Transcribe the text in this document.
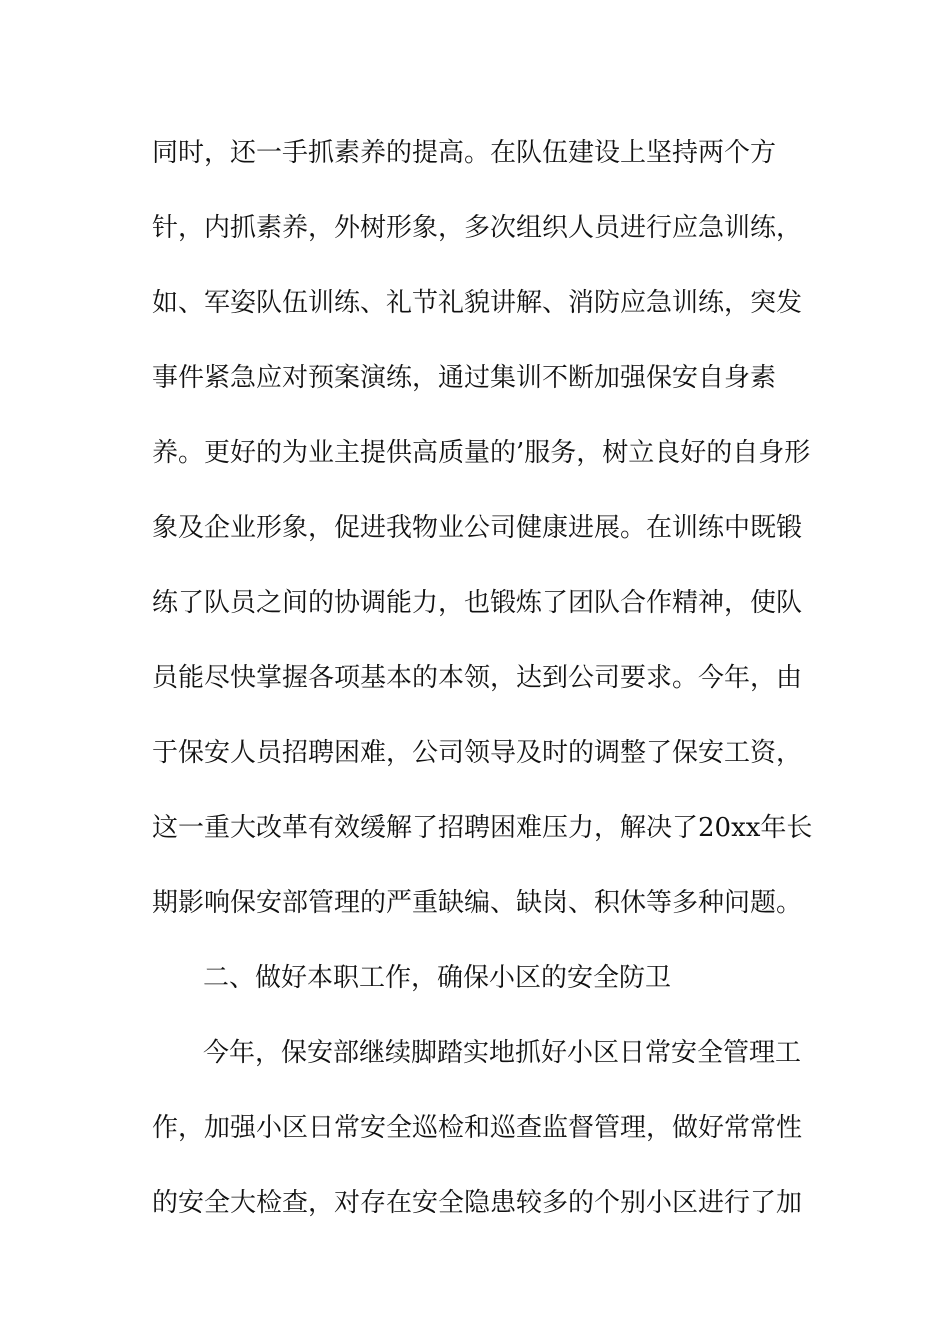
同时，还一手抓素养的提高。在队伍建设上坚持两个方
针，内抓素养，外树形象，多次组织人员进行应急训练，
如、军姿队伍训练、礼节礼貌讲解、消防应急训练，突发
事件紧急应对预案演练，通过集训不断加强保安自身素
养。更好的为业主提供高质量的’服务，树立良好的自身形
象及企业形象，促进我物业公司健康进展。在训练中既锻
练了队员之间的协调能力，也锻炼了团队合作精神，使队
员能尽快掌握各项基本的本领，达到公司要求。今年，由
于保安人员招聘困难，公司领导及时的调整了保安工资，
这一重大改革有效缓解了招聘困难压力，解决了20xx年长
期影响保安部管理的严重缺编、缺岗、积休等多种问题。
二、做好本职工作，确保小区的安全防卫
今年，保安部继续脚踏实地抓好小区日常安全管理工
作，加强小区日常安全巡检和巡查监督管理，做好常常性
的安全大检查，对存在安全隐患较多的个别小区进行了加
